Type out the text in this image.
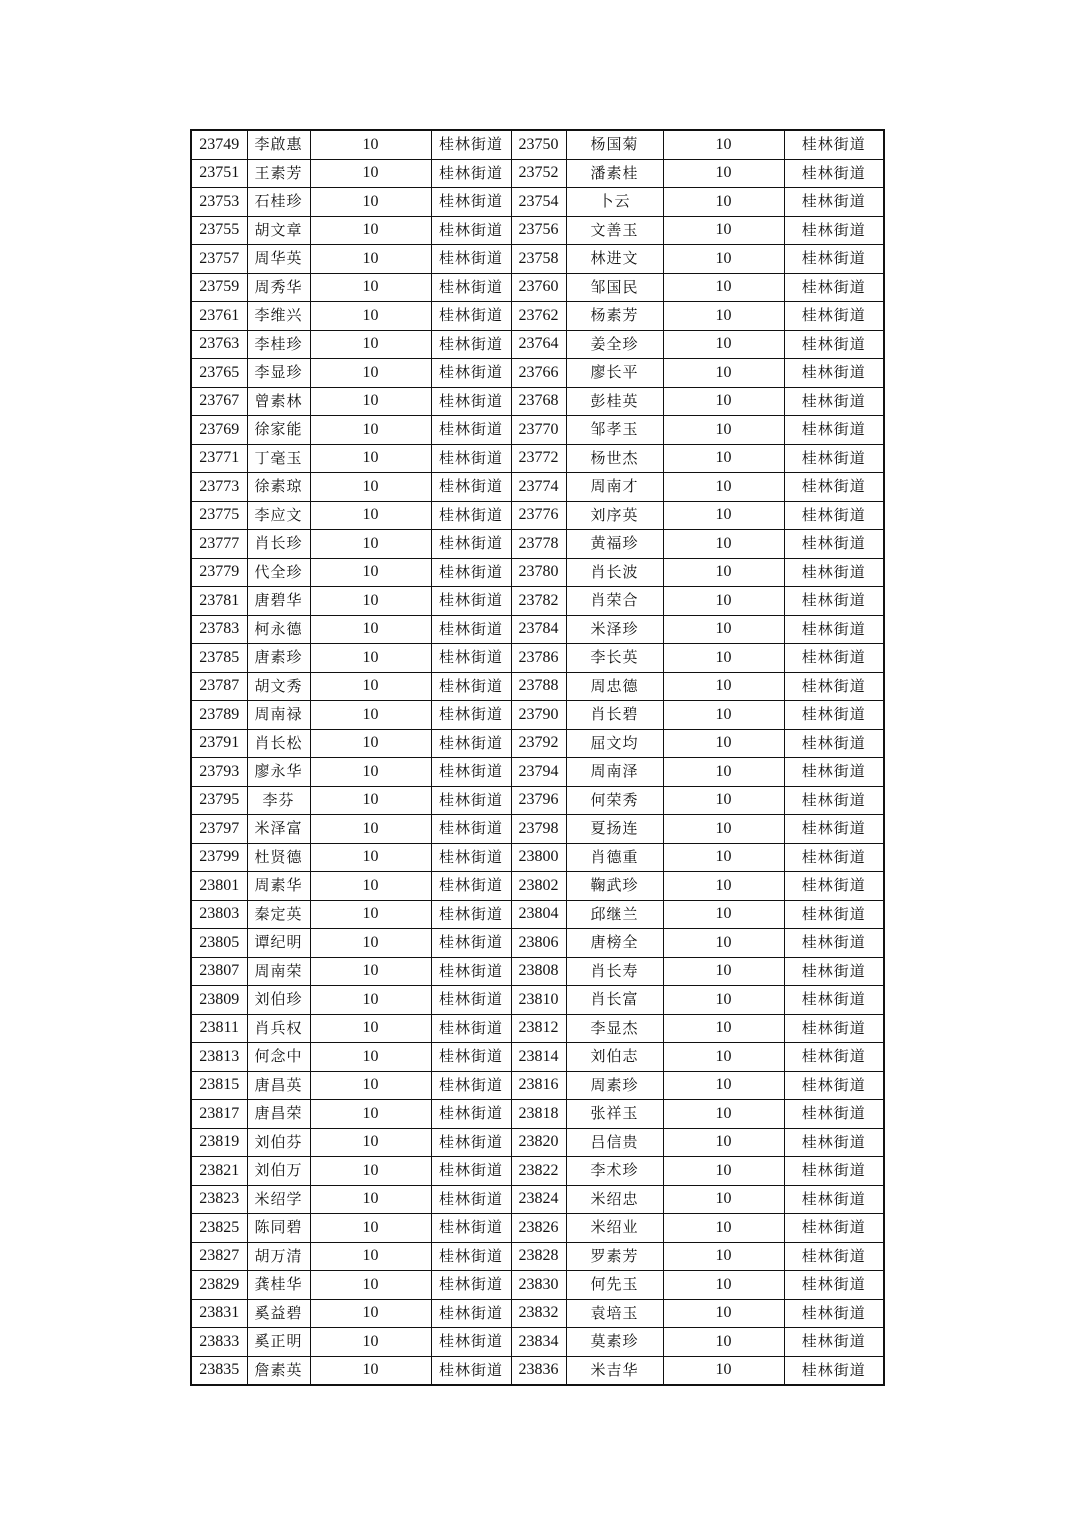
23749	李啟惠	10	桂林街道	23750	杨国菊	10	桂林街道
23751	王素芳	10	桂林街道	23752	潘素桂	10	桂林街道
23753	石桂珍	10	桂林街道	23754	卜云	10	桂林街道
23755	胡文章	10	桂林街道	23756	文善玉	10	桂林街道
23757	周华英	10	桂林街道	23758	林进文	10	桂林街道
23759	周秀华	10	桂林街道	23760	邹国民	10	桂林街道
23761	李维兴	10	桂林街道	23762	杨素芳	10	桂林街道
23763	李桂珍	10	桂林街道	23764	姜全珍	10	桂林街道
23765	李显珍	10	桂林街道	23766	廖长平	10	桂林街道
23767	曾素林	10	桂林街道	23768	彭桂英	10	桂林街道
23769	徐家能	10	桂林街道	23770	邹孝玉	10	桂林街道
23771	丁毫玉	10	桂林街道	23772	杨世杰	10	桂林街道
23773	徐素琼	10	桂林街道	23774	周南才	10	桂林街道
23775	李应文	10	桂林街道	23776	刘序英	10	桂林街道
23777	肖长珍	10	桂林街道	23778	黄福珍	10	桂林街道
23779	代全珍	10	桂林街道	23780	肖长波	10	桂林街道
23781	唐碧华	10	桂林街道	23782	肖荣合	10	桂林街道
23783	柯永德	10	桂林街道	23784	米泽珍	10	桂林街道
23785	唐素珍	10	桂林街道	23786	李长英	10	桂林街道
23787	胡文秀	10	桂林街道	23788	周忠德	10	桂林街道
23789	周南禄	10	桂林街道	23790	肖长碧	10	桂林街道
23791	肖长松	10	桂林街道	23792	屈文均	10	桂林街道
23793	廖永华	10	桂林街道	23794	周南泽	10	桂林街道
23795	李芬	10	桂林街道	23796	何荣秀	10	桂林街道
23797	米泽富	10	桂林街道	23798	夏扬连	10	桂林街道
23799	杜贤德	10	桂林街道	23800	肖德重	10	桂林街道
23801	周素华	10	桂林街道	23802	鞠武珍	10	桂林街道
23803	秦定英	10	桂林街道	23804	邱继兰	10	桂林街道
23805	谭纪明	10	桂林街道	23806	唐榜全	10	桂林街道
23807	周南荣	10	桂林街道	23808	肖长寿	10	桂林街道
23809	刘伯珍	10	桂林街道	23810	肖长富	10	桂林街道
23811	肖兵权	10	桂林街道	23812	李显杰	10	桂林街道
23813	何念中	10	桂林街道	23814	刘伯志	10	桂林街道
23815	唐昌英	10	桂林街道	23816	周素珍	10	桂林街道
23817	唐昌荣	10	桂林街道	23818	张祥玉	10	桂林街道
23819	刘伯芬	10	桂林街道	23820	吕信贵	10	桂林街道
23821	刘伯万	10	桂林街道	23822	李术珍	10	桂林街道
23823	米绍学	10	桂林街道	23824	米绍忠	10	桂林街道
23825	陈同碧	10	桂林街道	23826	米绍业	10	桂林街道
23827	胡万清	10	桂林街道	23828	罗素芳	10	桂林街道
23829	龚桂华	10	桂林街道	23830	何先玉	10	桂林街道
23831	奚益碧	10	桂林街道	23832	袁培玉	10	桂林街道
23833	奚正明	10	桂林街道	23834	莫素珍	10	桂林街道
23835	詹素英	10	桂林街道	23836	米吉华	10	桂林街道
